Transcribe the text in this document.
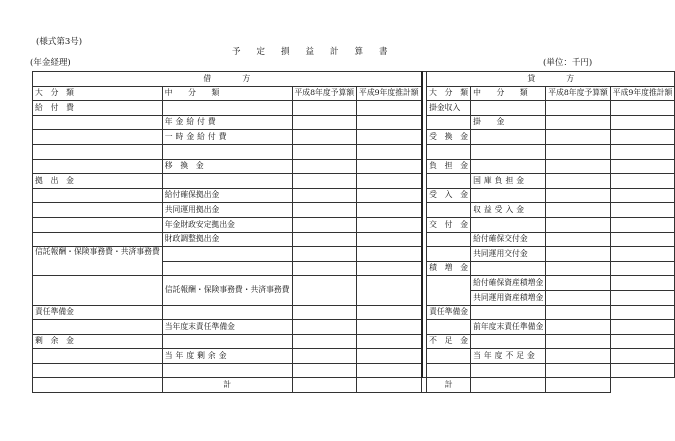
(様式第3号)
予定損益計算書
(年金経理)	(単位：千円)
借　　　　方					貸　　　　方			
大　分　類	中　　分　　類	平成8年度予算額	平成9年度推計額		大　分　類	中　　分　　類	平成8年度予算額	平成9年度推計額
給　付　費					掛金収入			
	年金給付費					掛　　金		
	一時金給付費				受　換　金			

	移　換　金				負　担　金			
拠　出　金						国庫負担金		
	給付確保拠出金				受　入　金			
	共同運用拠出金					収益受入金		
	年金財政安定拠出金				交　付　金			
	財政調整拠出金					給付確保交付金		
信託報酬・保険事務費・共済事務費						共同運用交付金		
					積　増　金			
	信託報酬・保険事務費・共済事務費					給付確保資産積増金		
						共同運用資産積増金		
責任準備金					責任準備金			
	当年度末責任準備金					前年度末責任準備金		
剰　余　金					不　足　金			
	当年度剰余金					当年度不足金		

	計				計			
